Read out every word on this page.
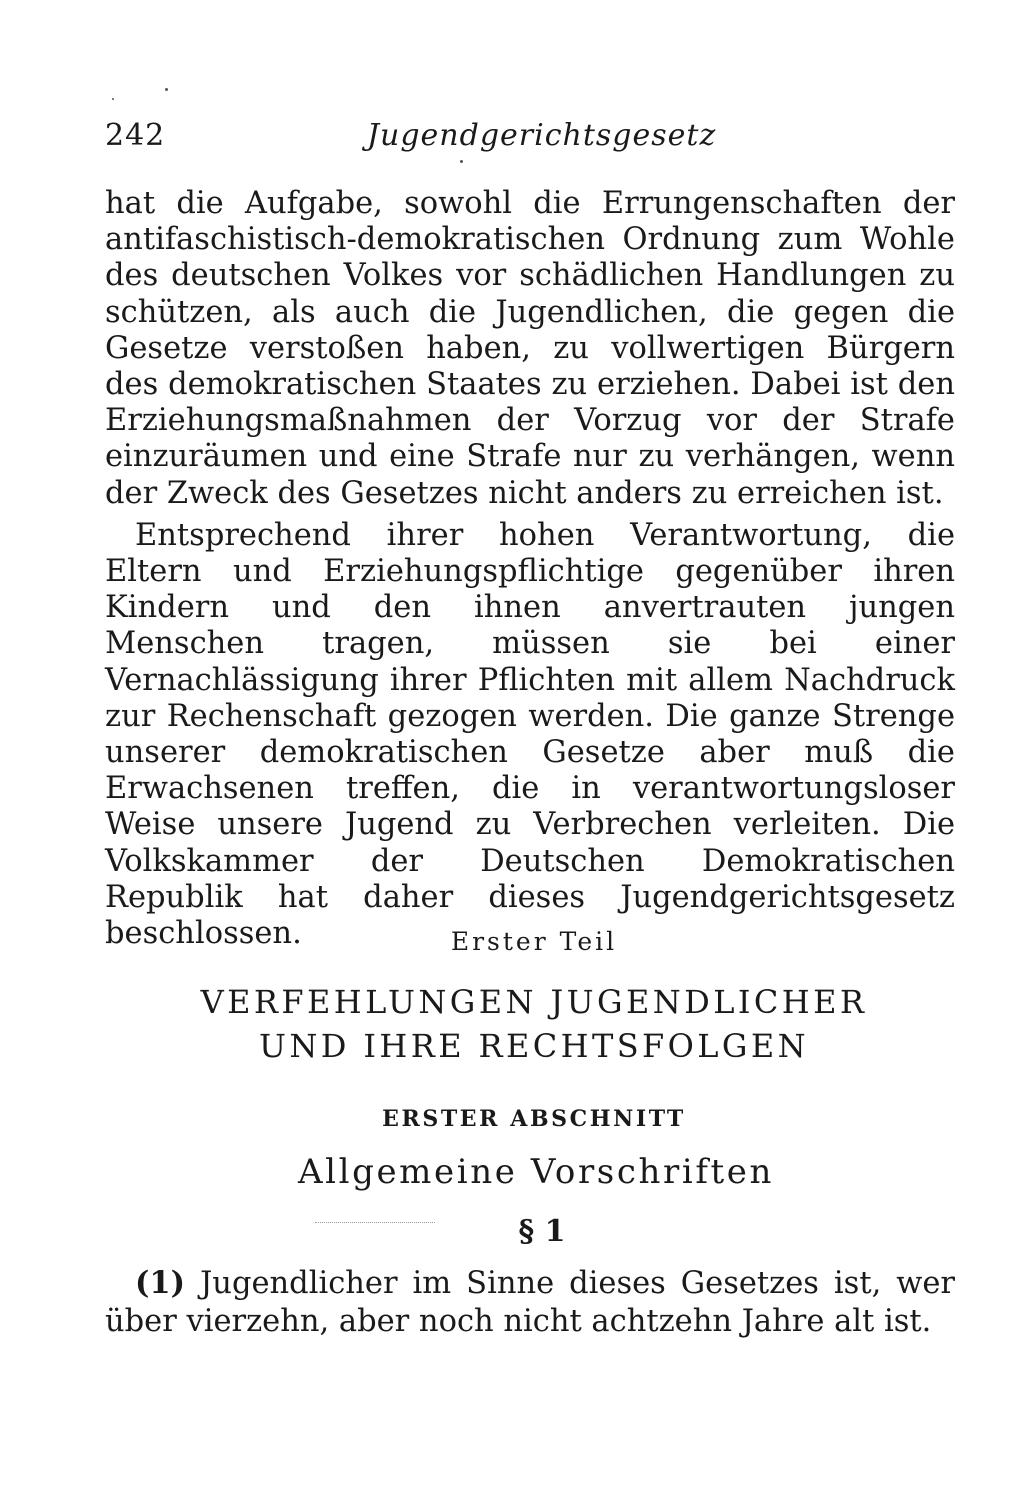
242	Jugendgerichtsgesetz

hat die Aufgabe, sowohl die Errungenschaften der antifaschistisch-demokratischen Ordnung zum Wohle des deutschen Volkes vor schädlichen Handlungen zu schützen, als auch die Jugendlichen, die gegen die Gesetze verstoßen haben, zu vollwertigen Bürgern des demokratischen Staates zu erziehen. Dabei ist den Erziehungsmaßnahmen der Vorzug vor der Strafe einzuräumen und eine Strafe nur zu verhängen, wenn der Zweck des Gesetzes nicht anders zu erreichen ist.

Entsprechend ihrer hohen Verantwortung, die Eltern und Erziehungspflichtige gegenüber ihren Kindern und den ihnen anvertrauten jungen Menschen tragen, müssen sie bei einer Vernachlässigung ihrer Pflichten mit allem Nachdruck zur Rechenschaft gezogen werden. Die ganze Strenge unserer demokratischen Gesetze aber muß die Erwachsenen treffen, die in verantwortungsloser Weise unsere Jugend zu Verbrechen verleiten. Die Volkskammer der Deutschen Demokratischen Republik hat daher dieses Jugendgerichtsgesetz beschlossen.	Erster Teil
VERFEHLUNGEN JUGENDLICHER
UND IHRE RECHTSFOLGEN
ERSTER ABSCHNITT
Allgemeine Vorschriften
§ 1

(1) Jugendlicher im Sinne dieses Gesetzes ist, wer über vierzehn, aber noch nicht achtzehn Jahre alt ist.
